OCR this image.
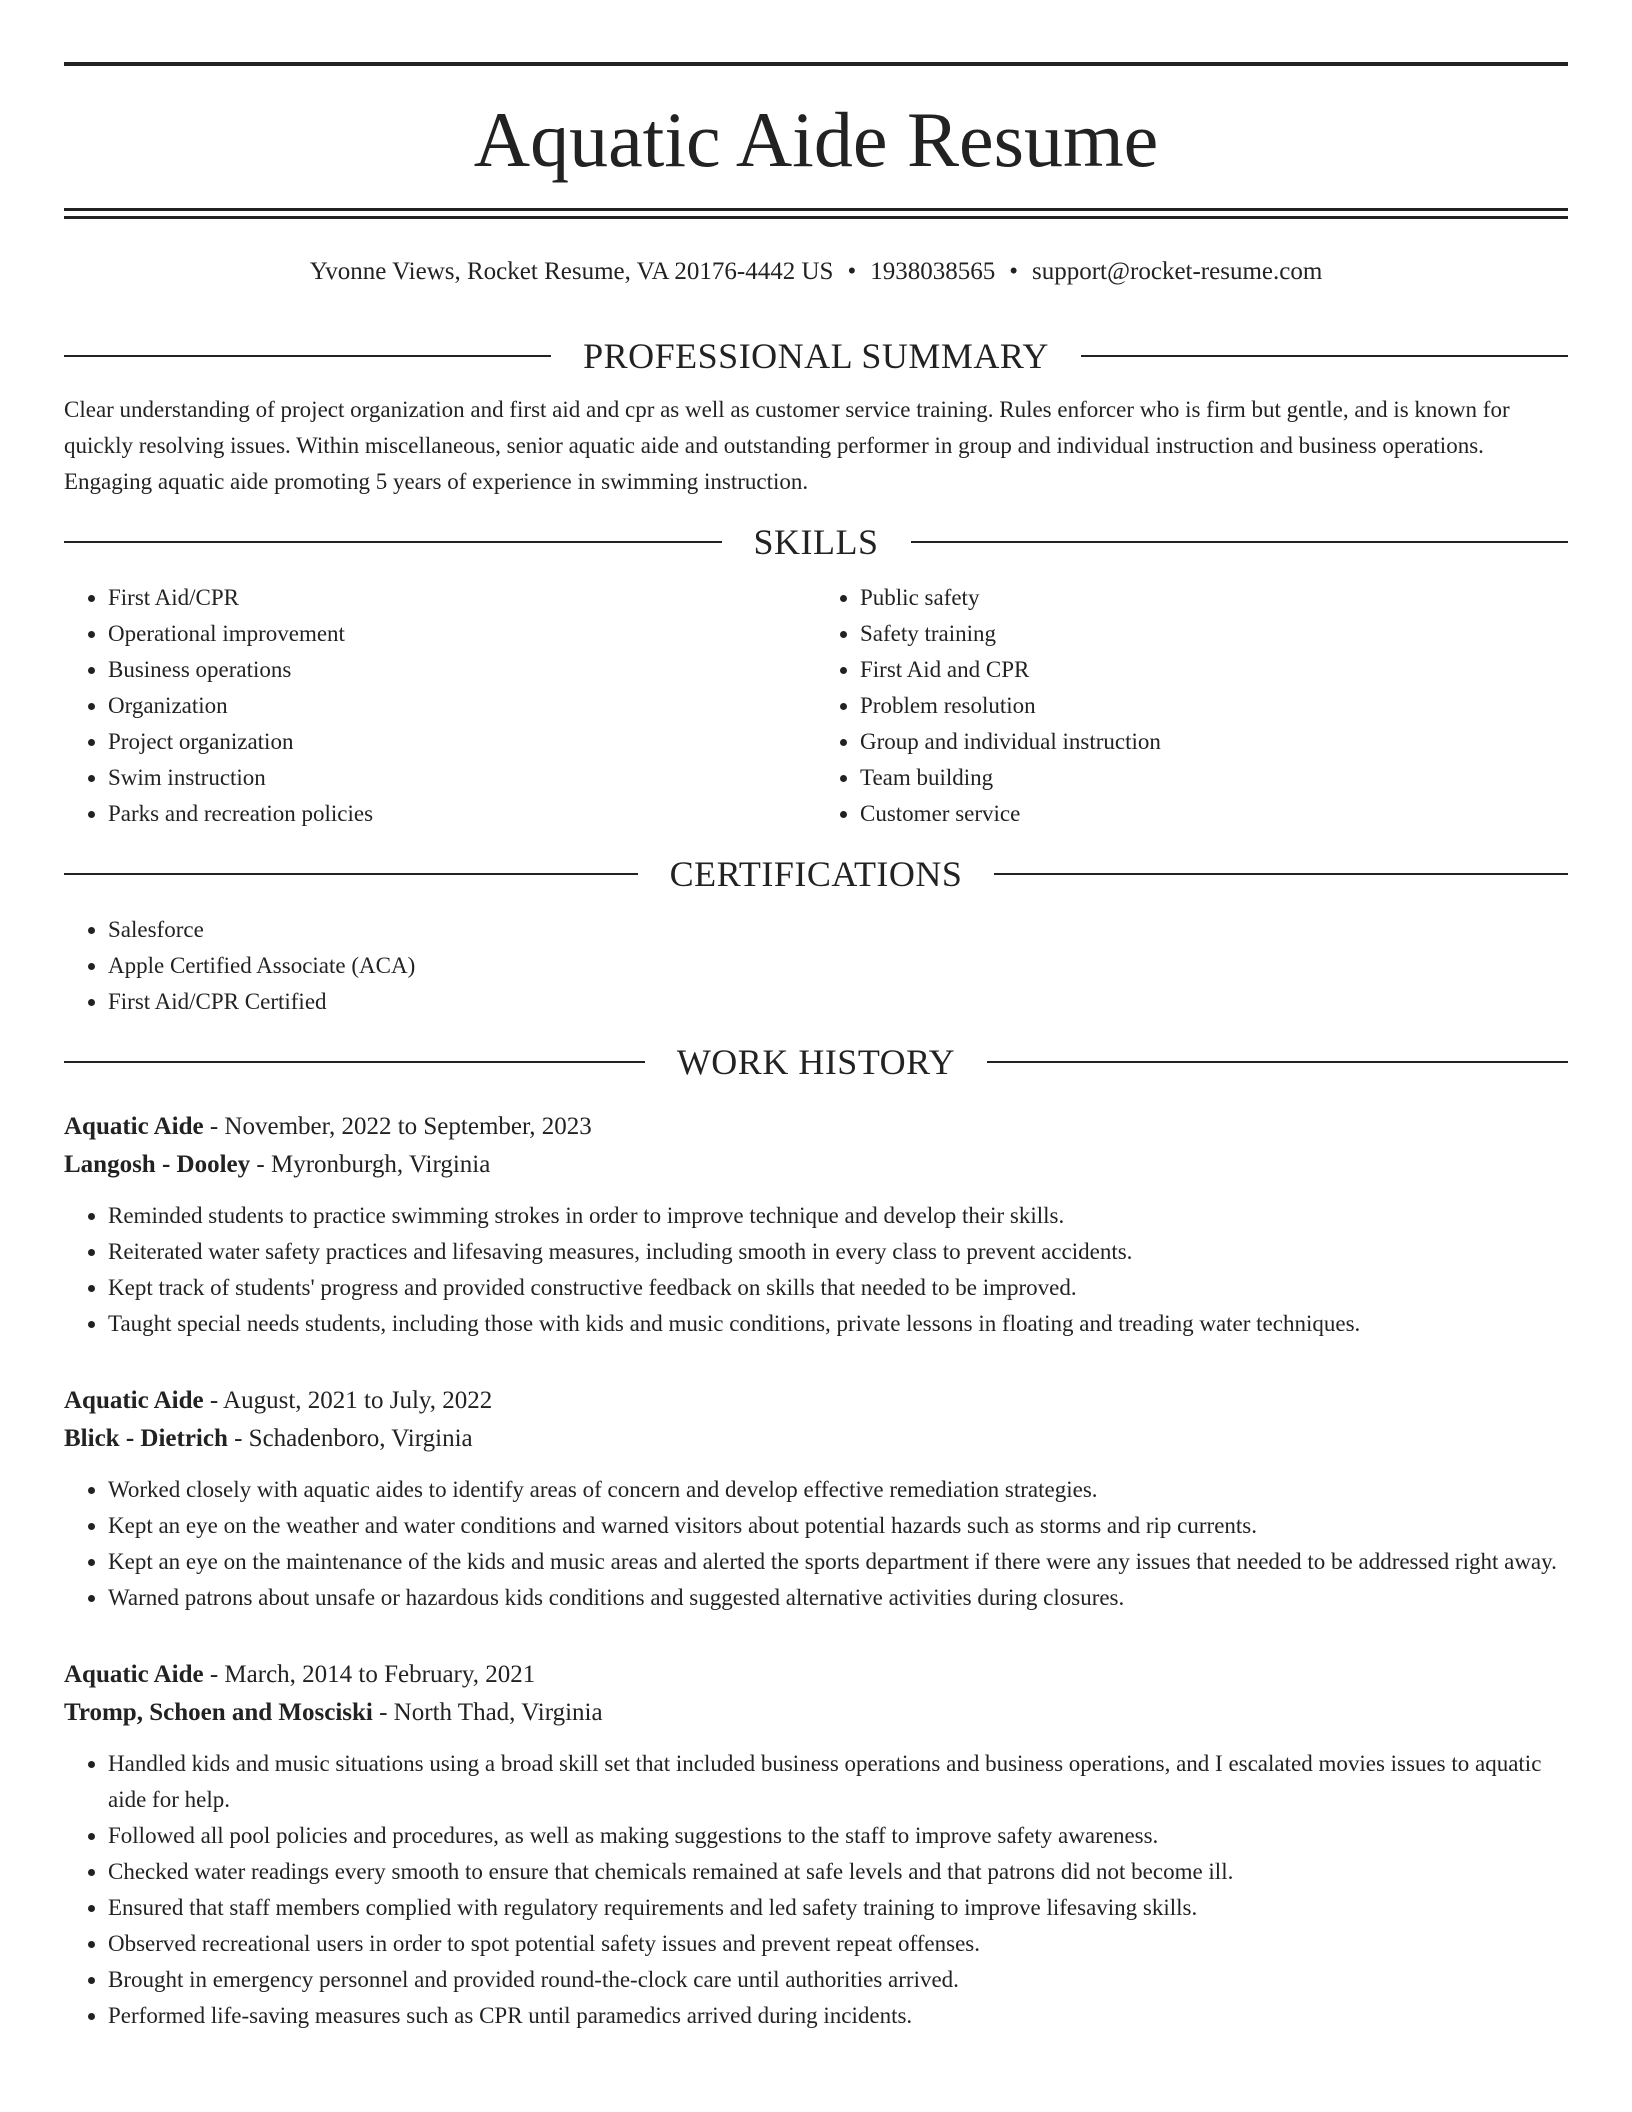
Aquatic Aide Resume
Yvonne Views, Rocket Resume, VA 20176-4442 US • 1938038565 • support@rocket-resume.com
PROFESSIONAL SUMMARY

Clear understanding of project organization and first aid and cpr as well as customer service training. Rules enforcer who is firm but gentle, and is known for quickly resolving issues. Within miscellaneous, senior aquatic aide and outstanding performer in group and individual instruction and business operations. Engaging aquatic aide promoting 5 years of experience in swimming instruction.

SKILLS
• First Aid/CPR
• Operational improvement
• Business operations
• Organization
• Project organization
• Swim instruction
• Parks and recreation policies
• Public safety
• Safety training
• First Aid and CPR
• Problem resolution
• Group and individual instruction
• Team building
• Customer service
CERTIFICATIONS
• Salesforce
• Apple Certified Associate (ACA)
• First Aid/CPR Certified
WORK HISTORY
Aquatic Aide - November, 2022 to September, 2023
Langosh - Dooley - Myronburgh, Virginia
• Reminded students to practice swimming strokes in order to improve technique and develop their skills.
• Reiterated water safety practices and lifesaving measures, including smooth in every class to prevent accidents.
• Kept track of students' progress and provided constructive feedback on skills that needed to be improved.
• Taught special needs students, including those with kids and music conditions, private lessons in floating and treading water techniques.
Aquatic Aide - August, 2021 to July, 2022
Blick - Dietrich - Schadenboro, Virginia
• Worked closely with aquatic aides to identify areas of concern and develop effective remediation strategies.
• Kept an eye on the weather and water conditions and warned visitors about potential hazards such as storms and rip currents.
• Kept an eye on the maintenance of the kids and music areas and alerted the sports department if there were any issues that needed to be addressed right away.
• Warned patrons about unsafe or hazardous kids conditions and suggested alternative activities during closures.
Aquatic Aide - March, 2014 to February, 2021
Tromp, Schoen and Mosciski - North Thad, Virginia
• Handled kids and music situations using a broad skill set that included business operations and business operations, and I escalated movies issues to aquatic aide for help.
• Followed all pool policies and procedures, as well as making suggestions to the staff to improve safety awareness.
• Checked water readings every smooth to ensure that chemicals remained at safe levels and that patrons did not become ill.
• Ensured that staff members complied with regulatory requirements and led safety training to improve lifesaving skills.
• Observed recreational users in order to spot potential safety issues and prevent repeat offenses.
• Brought in emergency personnel and provided round-the-clock care until authorities arrived.
• Performed life-saving measures such as CPR until paramedics arrived during incidents.
